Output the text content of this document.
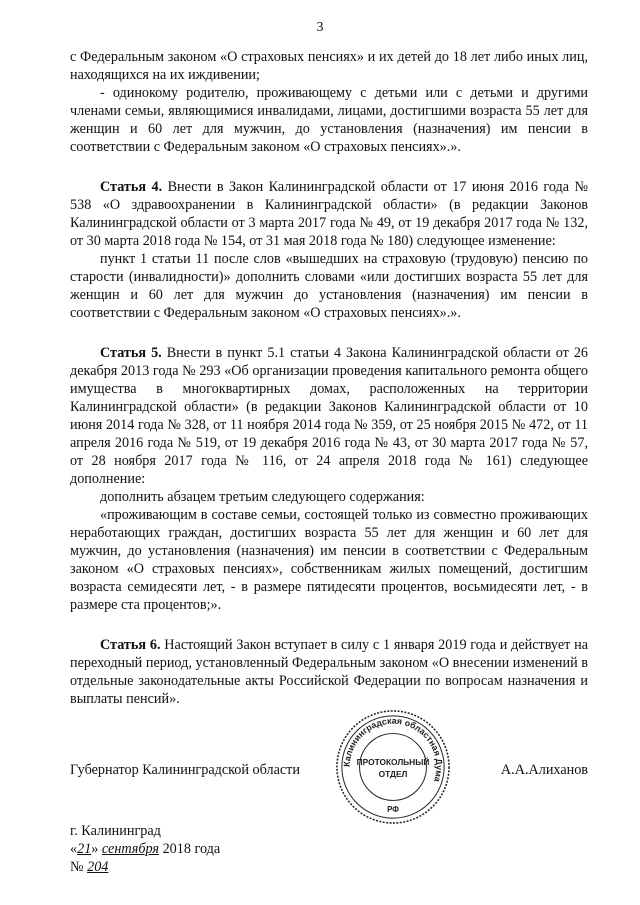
3

с Федеральным законом «О страховых пенсиях» и их детей до 18 лет либо иных лиц, находящихся на их иждивении;

- одинокому родителю, проживающему с детьми или с детьми и другими членами семьи, являющимися инвалидами, лицами, достигшими возраста 55 лет для женщин и 60 лет для мужчин, до установления (назначения) им пенсии в соответствии с Федеральным законом «О страховых пенсиях».».

Статья 4. Внести в Закон Калининградской области от 17 июня 2016 года № 538 «О здравоохранении в Калининградской области» (в редакции Законов Калининградской области от 3 марта 2017 года № 49, от 19 декабря 2017 года № 132, от 30 марта 2018 года № 154, от 31 мая 2018 года № 180) следующее изменение:

пункт 1 статьи 11 после слов «вышедших на страховую (трудовую) пенсию по старости (инвалидности)» дополнить словами «или достигших возраста 55 лет для женщин и 60 лет для мужчин до установления (назначения) им пенсии в соответствии с Федеральным законом «О страховых пенсиях».».

Статья 5. Внести в пункт 5.1 статьи 4 Закона Калининградской области от 26 декабря 2013 года № 293 «Об организации проведения капитального ремонта общего имущества в многоквартирных домах, расположенных на территории Калининградской области» (в редакции Законов Калининградской области от 10 июня 2014 года № 328, от 11 ноября 2014 года № 359, от 25 ноября 2015 № 472, от 11 апреля 2016 года № 519, от 19 декабря 2016 года № 43, от 30 марта 2017 года № 57, от 28 ноября 2017 года № 116, от 24 апреля 2018 года № 161) следующее дополнение:

дополнить абзацем третьим следующего содержания:

«проживающим в составе семьи, состоящей только из совместно проживающих неработающих граждан, достигших возраста 55 лет для женщин и 60 лет для мужчин, до установления (назначения) им пенсии в соответствии с Федеральным законом «О страховых пенсиях», собственникам жилых помещений, достигшим возраста семидесяти лет, - в размере пятидесяти процентов, восьмидесяти лет, - в размере ста процентов;».

Статья 6. Настоящий Закон вступает в силу с 1 января 2019 года и действует на переходный период, установленный Федеральным законом «О внесении изменений в отдельные законодательные акты Российской Федерации по вопросам назначения и выплаты пенсий».

Калининградская областная Дума
ПРОТОКОЛЬНЫЙ
ОТДЕЛ
РФ
Губернатор Калининградской области	А.А.Алиханов
г. Калининград
«21» сентября 2018 года
№ 204
